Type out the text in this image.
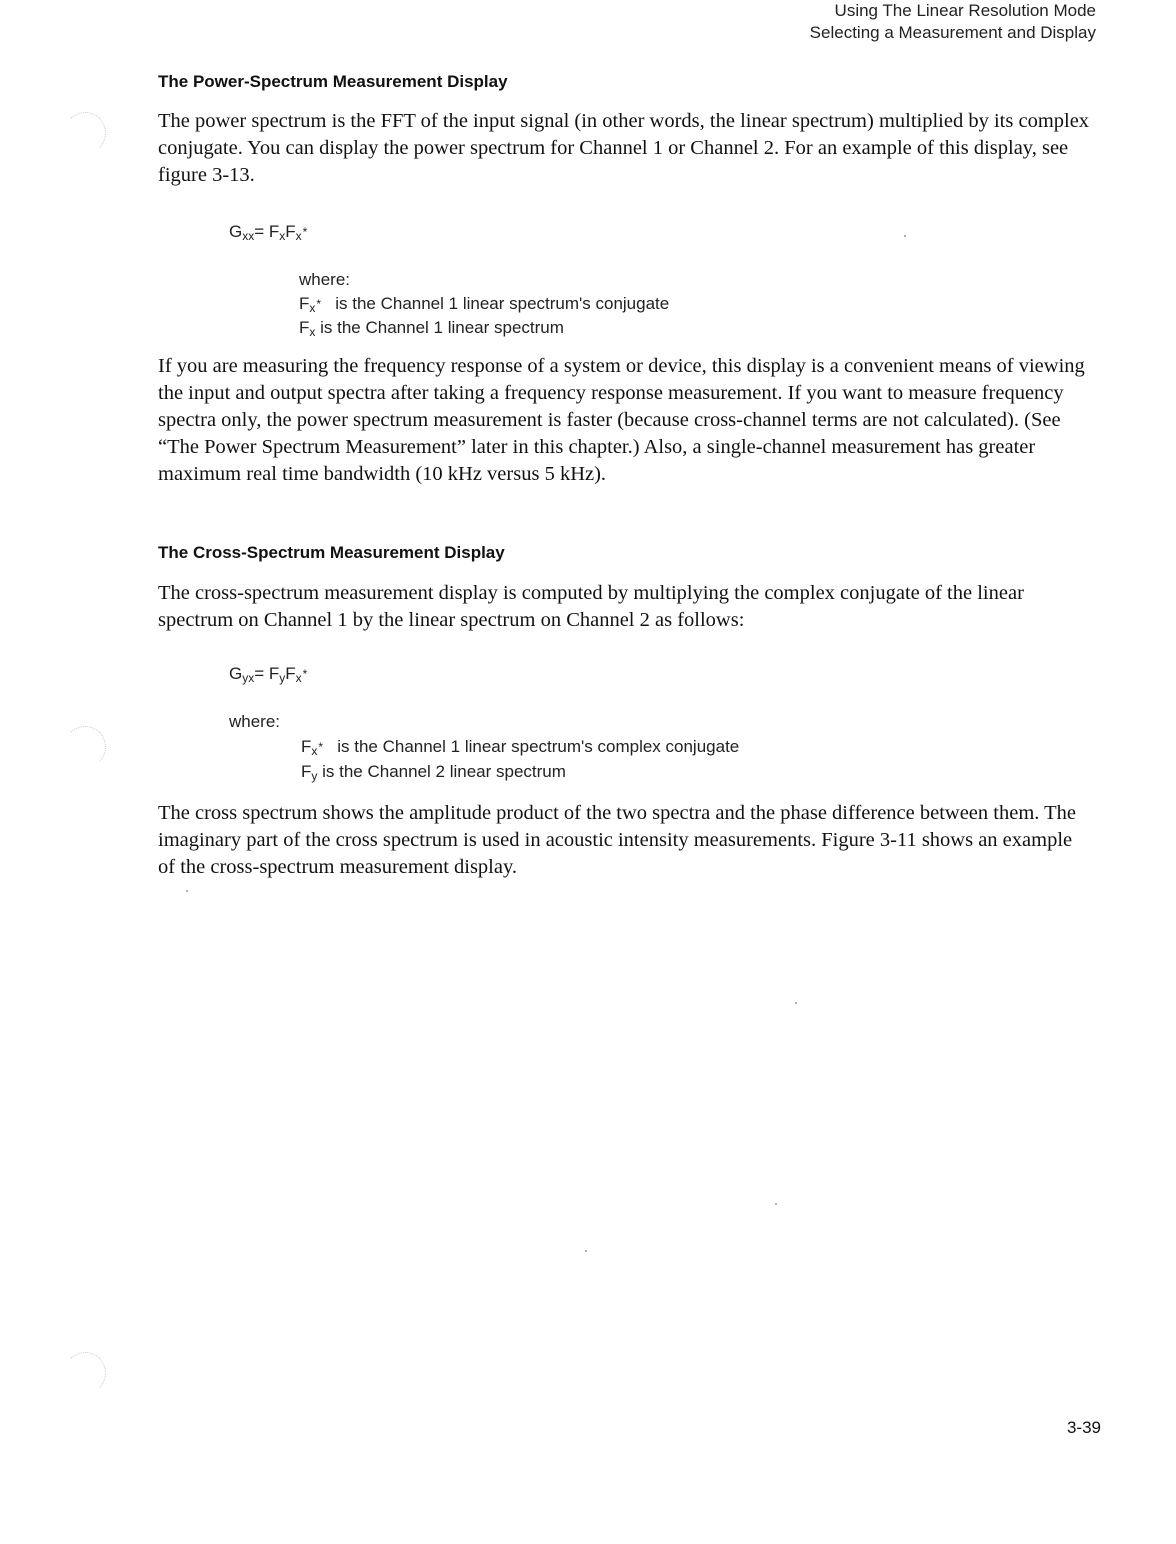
Using The Linear Resolution Mode
Selecting a Measurement and Display
The Power-Spectrum Measurement Display

The power spectrum is the FFT of the input signal (in other words, the linear spectrum) multiplied by its complex conjugate. You can display the power spectrum for Channel 1 or Channel 2. For an example of this display, see figure 3-13.

$G_{xx}= F_xF_x*$
where:
$F_x*$ is the Channel 1 linear spectrum's conjugate
$F_x$ is the Channel 1 linear spectrum

If you are measuring the frequency response of a system or device, this display is a convenient means of viewing the input and output spectra after taking a frequency response measurement. If you want to measure frequency spectra only, the power spectrum measurement is faster (because cross-channel terms are not calculated). (See “The Power Spectrum Measurement” later in this chapter.) Also, a single-channel measurement has greater maximum real time bandwidth (10 kHz versus 5 kHz).

The Cross-Spectrum Measurement Display

The cross-spectrum measurement display is computed by multiplying the complex conjugate of the linear spectrum on Channel 1 by the linear spectrum on Channel 2 as follows:

$G_{yx}= F_yF_x*$
where:
$F_x*$ is the Channel 1 linear spectrum's complex conjugate
$F_y$ is the Channel 2 linear spectrum

The cross spectrum shows the amplitude product of the two spectra and the phase difference between them. The imaginary part of the cross spectrum is used in acoustic intensity measurements. Figure 3-11 shows an example of the cross-spectrum measurement display.

3-39
